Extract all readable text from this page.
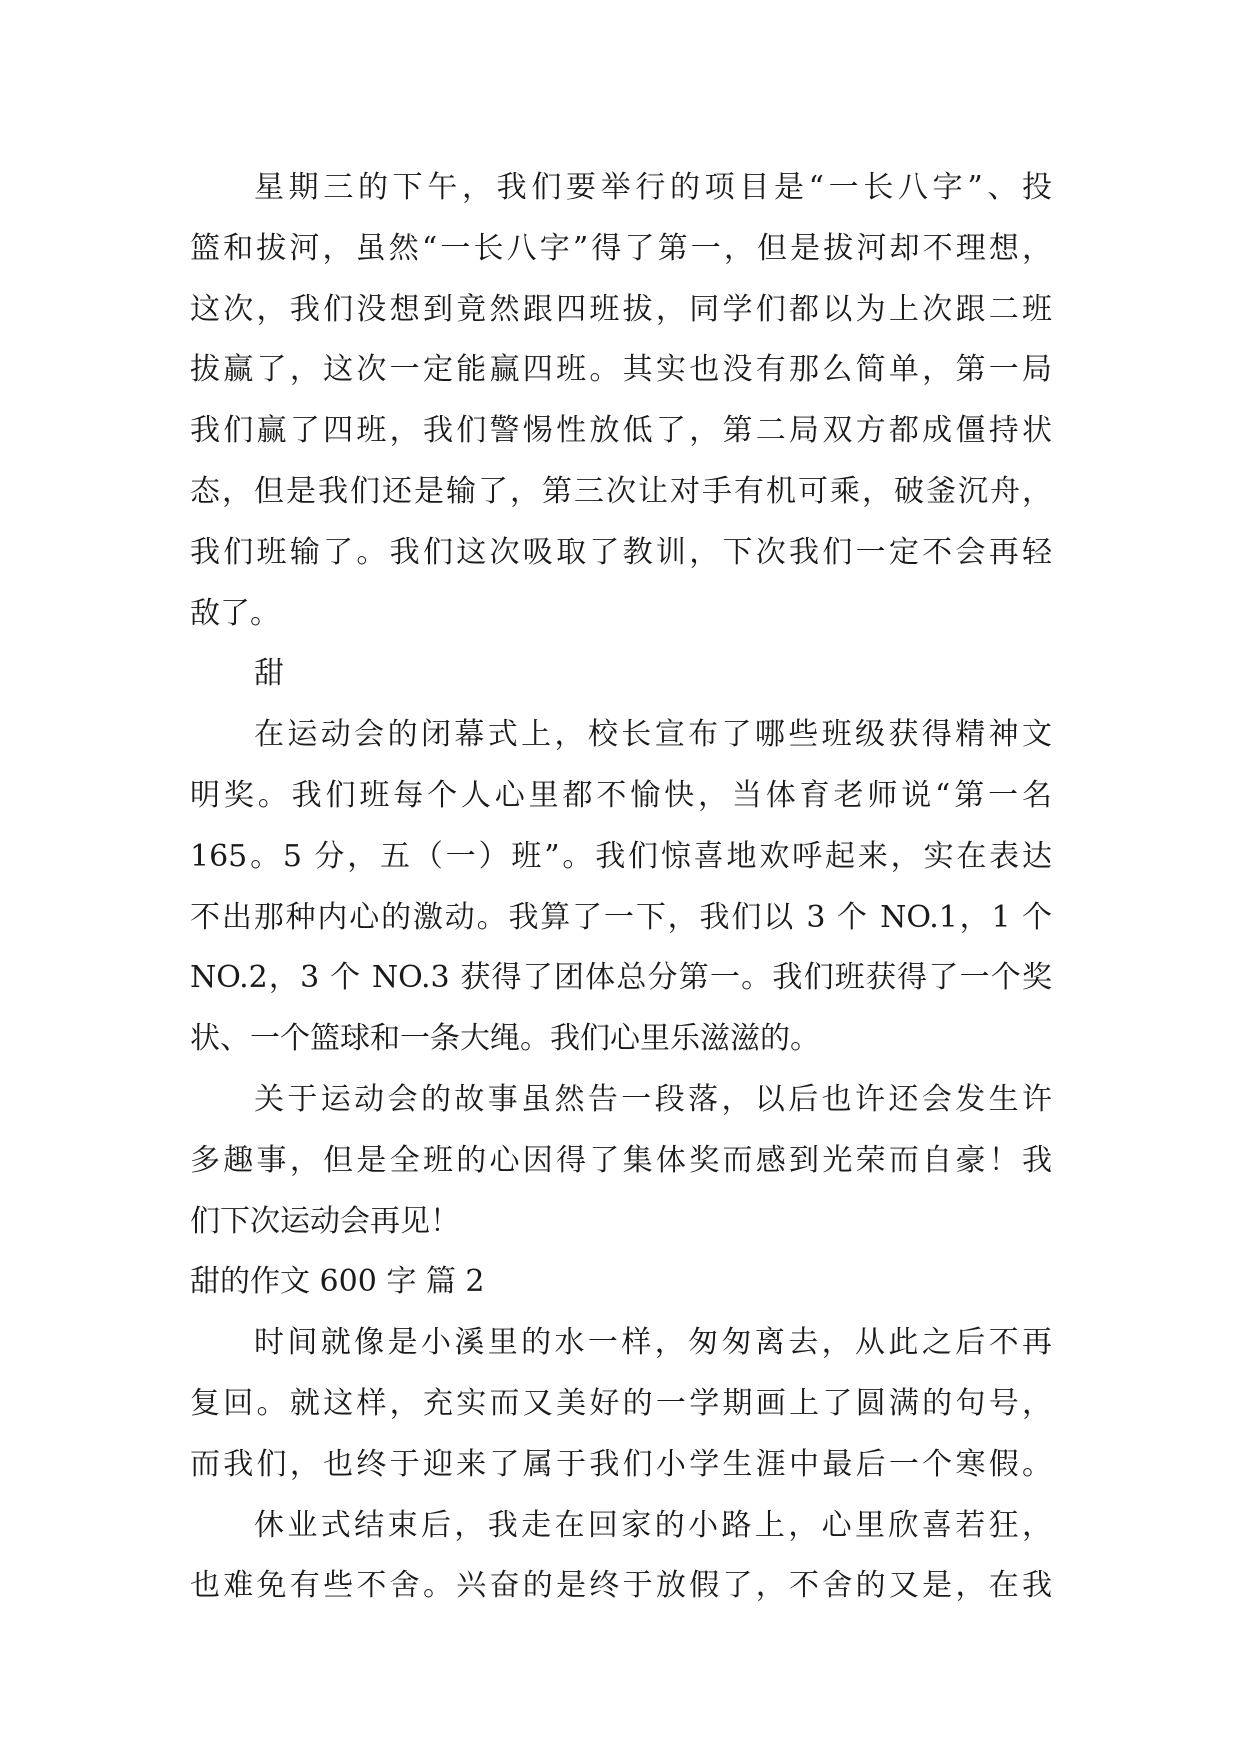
星期三的下午，我们要举行的项目是“一长八字”、投
篮和拔河，虽然“一长八字”得了第一，但是拔河却不理想，
这次，我们没想到竟然跟四班拔，同学们都以为上次跟二班
拔赢了，这次一定能赢四班。其实也没有那么简单，第一局
我们赢了四班，我们警惕性放低了，第二局双方都成僵持状
态，但是我们还是输了，第三次让对手有机可乘，破釜沉舟，
我们班输了。我们这次吸取了教训，下次我们一定不会再轻
敌了。
甜
在运动会的闭幕式上，校长宣布了哪些班级获得精神文
明奖。我们班每个人心里都不愉快，当体育老师说“第一名
165。5 分，五（一）班”。我们惊喜地欢呼起来，实在表达
不出那种内心的激动。我算了一下，我们以 3 个 NO.1，1 个
NO.2，3 个 NO.3 获得了团体总分第一。我们班获得了一个奖
状、一个篮球和一条大绳。我们心里乐滋滋的。
关于运动会的故事虽然告一段落，以后也许还会发生许
多趣事，但是全班的心因得了集体奖而感到光荣而自豪！我
们下次运动会再见！
甜的作文 600 字 篇 2
时间就像是小溪里的水一样，匆匆离去，从此之后不再
复回。就这样，充实而又美好的一学期画上了圆满的句号，
而我们，也终于迎来了属于我们小学生涯中最后一个寒假。
休业式结束后，我走在回家的小路上，心里欣喜若狂，
也难免有些不舍。兴奋的是终于放假了，不舍的又是，在我
